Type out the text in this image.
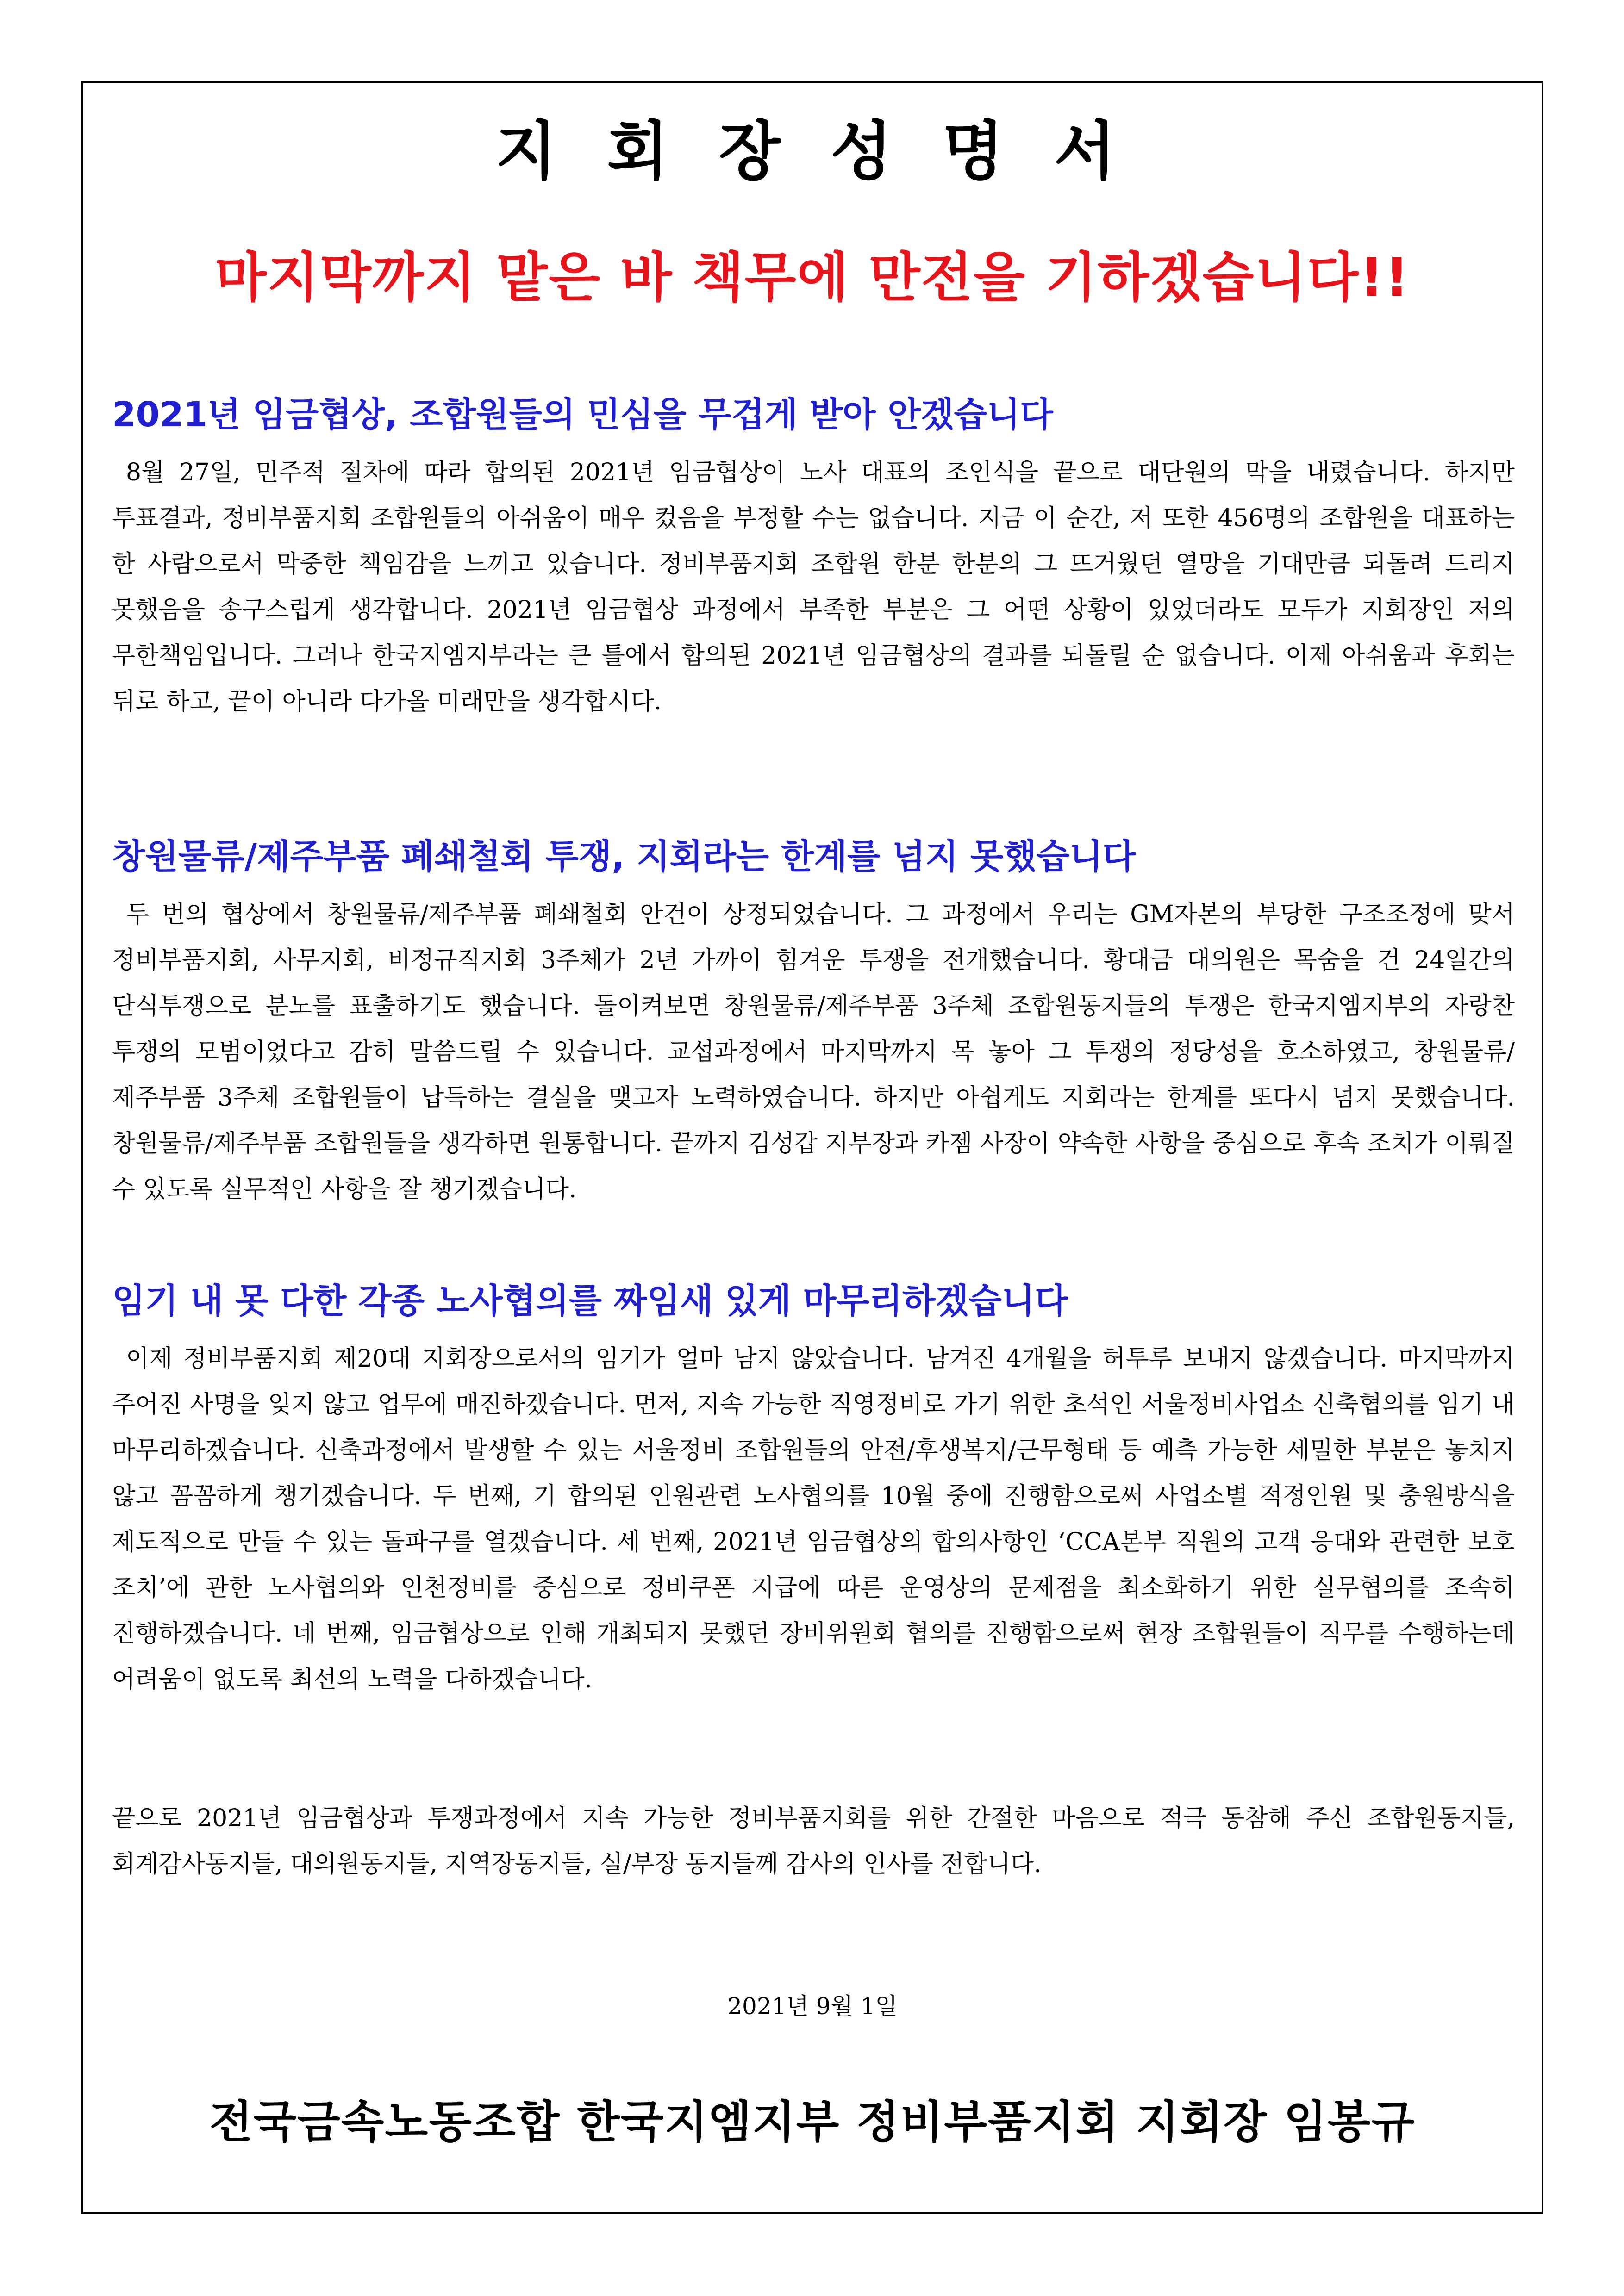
지 회 장 성 명 서
마지막까지 맡은 바 책무에 만전을 기하겠습니다!!
2021년 임금협상, 조합원들의 민심을 무겁게 받아 안겠습니다

8월 27일, 민주적 절차에 따라 합의된 2021년 임금협상이 노사 대표의 조인식을 끝으로 대단원의 막을 내렸습니다. 하지만 투표결과, 정비부품지회 조합원들의 아쉬움이 매우 컸음을 부정할 수는 없습니다. 지금 이 순간, 저 또한 456명의 조합원을 대표하는 한 사람으로서 막중한 책임감을 느끼고 있습니다. 정비부품지회 조합원 한분 한분의 그 뜨거웠던 열망을 기대만큼 되돌려 드리지 못했음을 송구스럽게 생각합니다. 2021년 임금협상 과정에서 부족한 부분은 그 어떤 상황이 있었더라도 모두가 지회장인 저의 무한책임입니다. 그러나 한국지엠지부라는 큰 틀에서 합의된 2021년 임금협상의 결과를 되돌릴 순 없습니다. 이제 아쉬움과 후회는 뒤로 하고, 끝이 아니라 다가올 미래만을 생각합시다.

창원물류/제주부품 폐쇄철회 투쟁, 지회라는 한계를 넘지 못했습니다

두 번의 협상에서 창원물류/제주부품 폐쇄철회 안건이 상정되었습니다. 그 과정에서 우리는 GM자본의 부당한 구조조정에 맞서 정비부품지회, 사무지회, 비정규직지회 3주체가 2년 가까이 힘겨운 투쟁을 전개했습니다. 황대금 대의원은 목숨을 건 24일간의 단식투쟁으로 분노를 표출하기도 했습니다. 돌이켜보면 창원물류/제주부품 3주체 조합원동지들의 투쟁은 한국지엠지부의 자랑찬 투쟁의 모범이었다고 감히 말씀드릴 수 있습니다. 교섭과정에서 마지막까지 목 놓아 그 투쟁의 정당성을 호소하였고, 창원물류/제주부품 3주체 조합원들이 납득하는 결실을 맺고자 노력하였습니다. 하지만 아쉽게도 지회라는 한계를 또다시 넘지 못했습니다. 창원물류/제주부품 조합원들을 생각하면 원통합니다. 끝까지 김성갑 지부장과 카젬 사장이 약속한 사항을 중심으로 후속 조치가 이뤄질 수 있도록 실무적인 사항을 잘 챙기겠습니다.

임기 내 못 다한 각종 노사협의를 짜임새 있게 마무리하겠습니다

이제 정비부품지회 제20대 지회장으로서의 임기가 얼마 남지 않았습니다. 남겨진 4개월을 허투루 보내지 않겠습니다. 마지막까지 주어진 사명을 잊지 않고 업무에 매진하겠습니다. 먼저, 지속 가능한 직영정비로 가기 위한 초석인 서울정비사업소 신축협의를 임기 내 마무리하겠습니다. 신축과정에서 발생할 수 있는 서울정비 조합원들의 안전/후생복지/근무형태 등 예측 가능한 세밀한 부분은 놓치지 않고 꼼꼼하게 챙기겠습니다. 두 번째, 기 합의된 인원관련 노사협의를 10월 중에 진행함으로써 사업소별 적정인원 및 충원방식을 제도적으로 만들 수 있는 돌파구를 열겠습니다. 세 번째, 2021년 임금협상의 합의사항인 ‘CCA본부 직원의 고객 응대와 관련한 보호 조치’에 관한 노사협의와 인천정비를 중심으로 정비쿠폰 지급에 따른 운영상의 문제점을 최소화하기 위한 실무협의를 조속히 진행하겠습니다. 네 번째, 임금협상으로 인해 개최되지 못했던 장비위원회 협의를 진행함으로써 현장 조합원들이 직무를 수행하는데 어려움이 없도록 최선의 노력을 다하겠습니다.

끝으로 2021년 임금협상과 투쟁과정에서 지속 가능한 정비부품지회를 위한 간절한 마음으로 적극 동참해 주신 조합원동지들, 회계감사동지들, 대의원동지들, 지역장동지들, 실/부장 동지들께 감사의 인사를 전합니다.

2021년 9월 1일
전국금속노동조합 한국지엠지부 정비부품지회 지회장 임봉규
